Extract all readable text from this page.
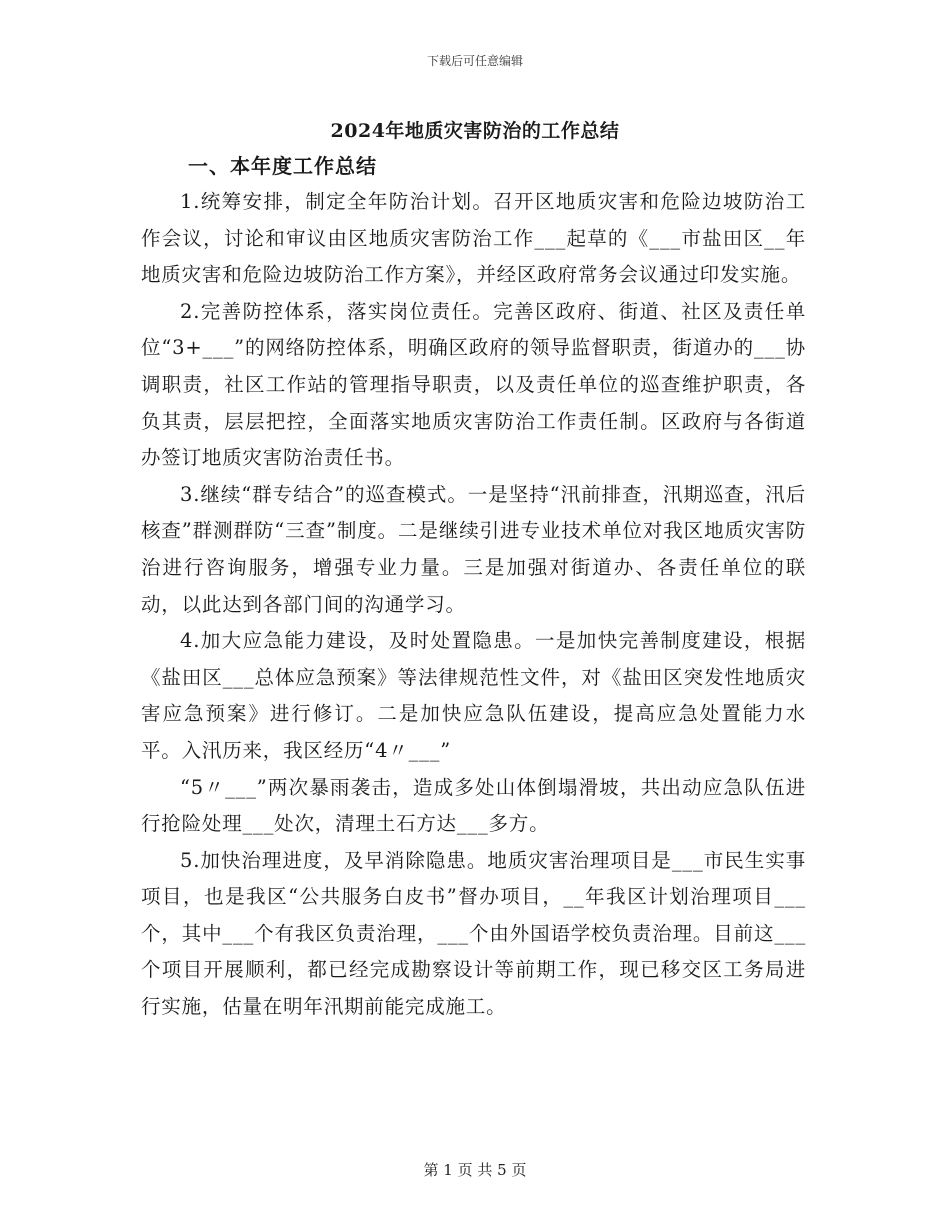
下载后可任意编辑
2024年地质灾害防治的工作总结
一、本年度工作总结

1.统筹安排，制定全年防治计划。召开区地质灾害和危险边坡防治工作会议，讨论和审议由区地质灾害防治工作___起草的《___市盐田区__年地质灾害和危险边坡防治工作方案》，并经区政府常务会议通过印发实施。

2.完善防控体系，落实岗位责任。完善区政府、街道、社区及责任单位“3+___”的网络防控体系，明确区政府的领导监督职责，街道办的___协调职责，社区工作站的管理指导职责，以及责任单位的巡查维护职责，各负其责，层层把控，全面落实地质灾害防治工作责任制。区政府与各街道办签订地质灾害防治责任书。

3.继续“群专结合”的巡查模式。一是坚持“汛前排查，汛期巡查，汛后核查”群测群防“三查”制度。二是继续引进专业技术单位对我区地质灾害防治进行咨询服务，增强专业力量。三是加强对街道办、各责任单位的联动，以此达到各部门间的沟通学习。

4.加大应急能力建设，及时处置隐患。一是加快完善制度建设，根据《盐田区___总体应急预案》等法律规范性文件，对《盐田区突发性地质灾害应急预案》进行修订。二是加快应急队伍建设，提高应急处置能力水平。入汛历来，我区经历“4〃___”

“5〃___”两次暴雨袭击，造成多处山体倒塌滑坡，共出动应急队伍进行抢险处理___处次，清理土石方达___多方。

5.加快治理进度，及早消除隐患。地质灾害治理项目是___市民生实事项目，也是我区“公共服务白皮书”督办项目，__年我区计划治理项目___个，其中___个有我区负责治理，___个由外国语学校负责治理。目前这___个项目开展顺利，都已经完成勘察设计等前期工作，现已移交区工务局进行实施，估量在明年汛期前能完成施工。

第 1 页 共 5 页
